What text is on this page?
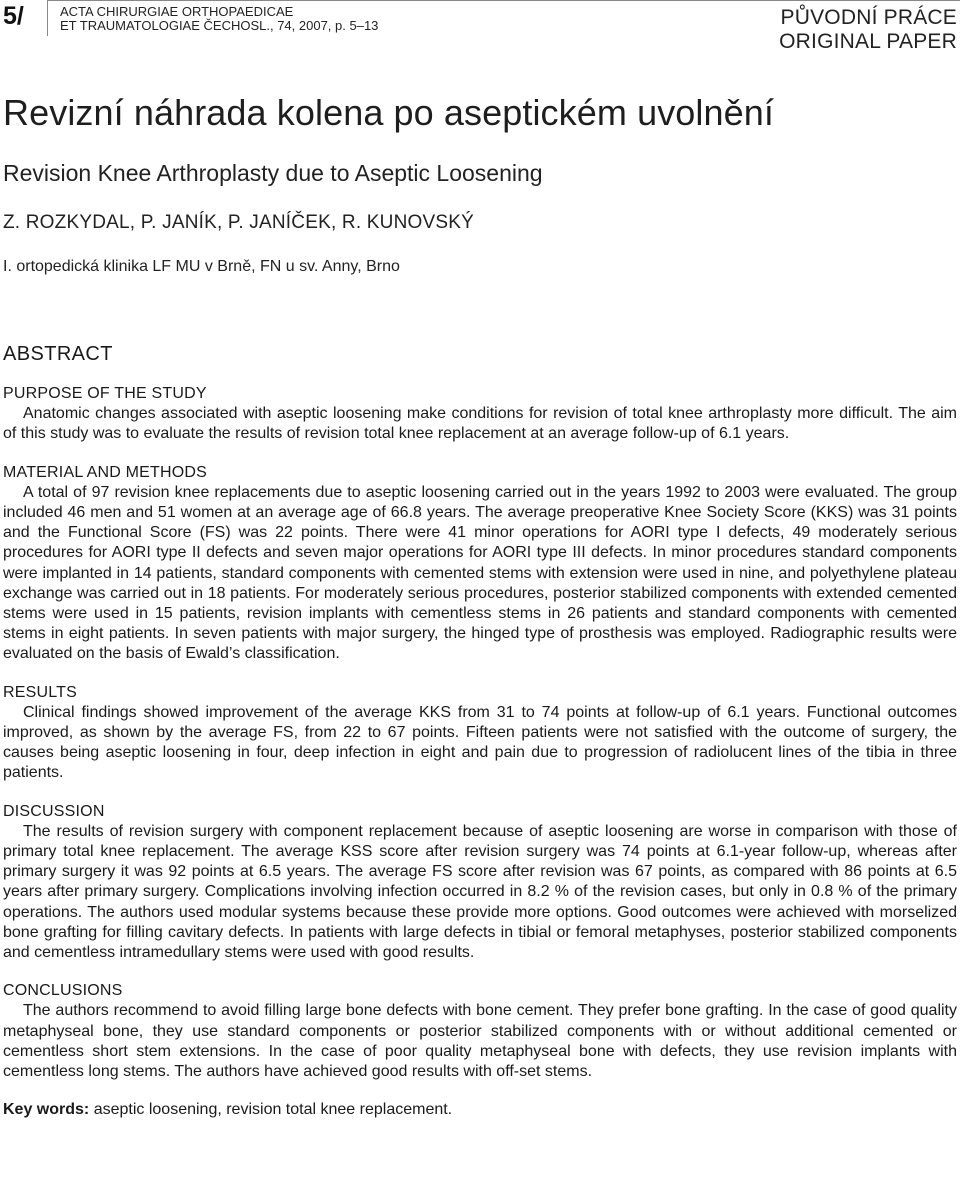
5/	ACTA CHIRURGIAE ORTHOPAEDICAE
ET TRAUMATOLOGIAE ČECHOSL., 74, 2007, p. 5–13	PŮVODNÍ PRÁCE
ORIGINAL PAPER
Revizní náhrada kolena po aseptickém uvolnění
Revision Knee Arthroplasty due to Aseptic Loosening
Z. ROZKYDAL, P. JANÍK, P. JANÍČEK, R. KUNOVSKÝ
I. ortopedická klinika LF MU v Brně, FN u sv. Anny, Brno
ABSTRACT
PURPOSE OF THE STUDY

Anatomic changes associated with aseptic loosening make conditions for revision of total knee arthroplasty more difficult. The aim of this study was to evaluate the results of revision total knee replacement at an average follow-up of 6.1 years.

MATERIAL AND METHODS

A total of 97 revision knee replacements due to aseptic loosening carried out in the years 1992 to 2003 were evaluated. The group included 46 men and 51 women at an average age of 66.8 years. The average preoperative Knee Society Score (KKS) was 31 points and the Functional Score (FS) was 22 points. There were 41 minor operations for AORI type I defects, 49 moderately serious procedures for AORI type II defects and seven major operations for AORI type III defects. In minor procedures standard components were implanted in 14 patients, standard components with cemented stems with extension were used in nine, and polyethylene plateau exchange was carried out in 18 patients. For moderately serious procedures, posterior stabilized components with extended cemented stems were used in 15 patients, revision implants with cementless stems in 26 patients and standard components with cemented stems in eight patients. In seven patients with major surgery, the hinged type of prosthesis was employed. Radiographic results were evaluated on the basis of Ewald’s classification.

RESULTS

Clinical findings showed improvement of the average KKS from 31 to 74 points at follow-up of 6.1 years. Functional outcomes improved, as shown by the average FS, from 22 to 67 points. Fifteen patients were not satisfied with the outcome of surgery, the causes being aseptic loosening in four, deep infection in eight and pain due to progression of radiolucent lines of the tibia in three patients.

DISCUSSION

The results of revision surgery with component replacement because of aseptic loosening are worse in comparison with those of primary total knee replacement. The average KSS score after revision surgery was 74 points at 6.1-year follow-up, whereas after primary surgery it was 92 points at 6.5 years. The average FS score after revision was 67 points, as compared with 86 points at 6.5 years after primary surgery. Complications involving infection occurred in 8.2 % of the revision cases, but only in 0.8 % of the primary operations. The authors used modular systems because these provide more options. Good outcomes were achieved with morselized bone grafting for filling cavitary defects. In patients with large defects in tibial or femoral metaphyses, posterior stabilized components and cementless intramedullary stems were used with good results.

CONCLUSIONS

The authors recommend to avoid filling large bone defects with bone cement. They prefer bone grafting. In the case of good quality metaphyseal bone, they use standard components or posterior stabilized components with or without additional cemented or cementless short stem extensions. In the case of poor quality metaphyseal bone with defects, they use revision implants with cementless long stems. The authors have achieved good results with off-set stems.

Key words: aseptic loosening, revision total knee replacement.
